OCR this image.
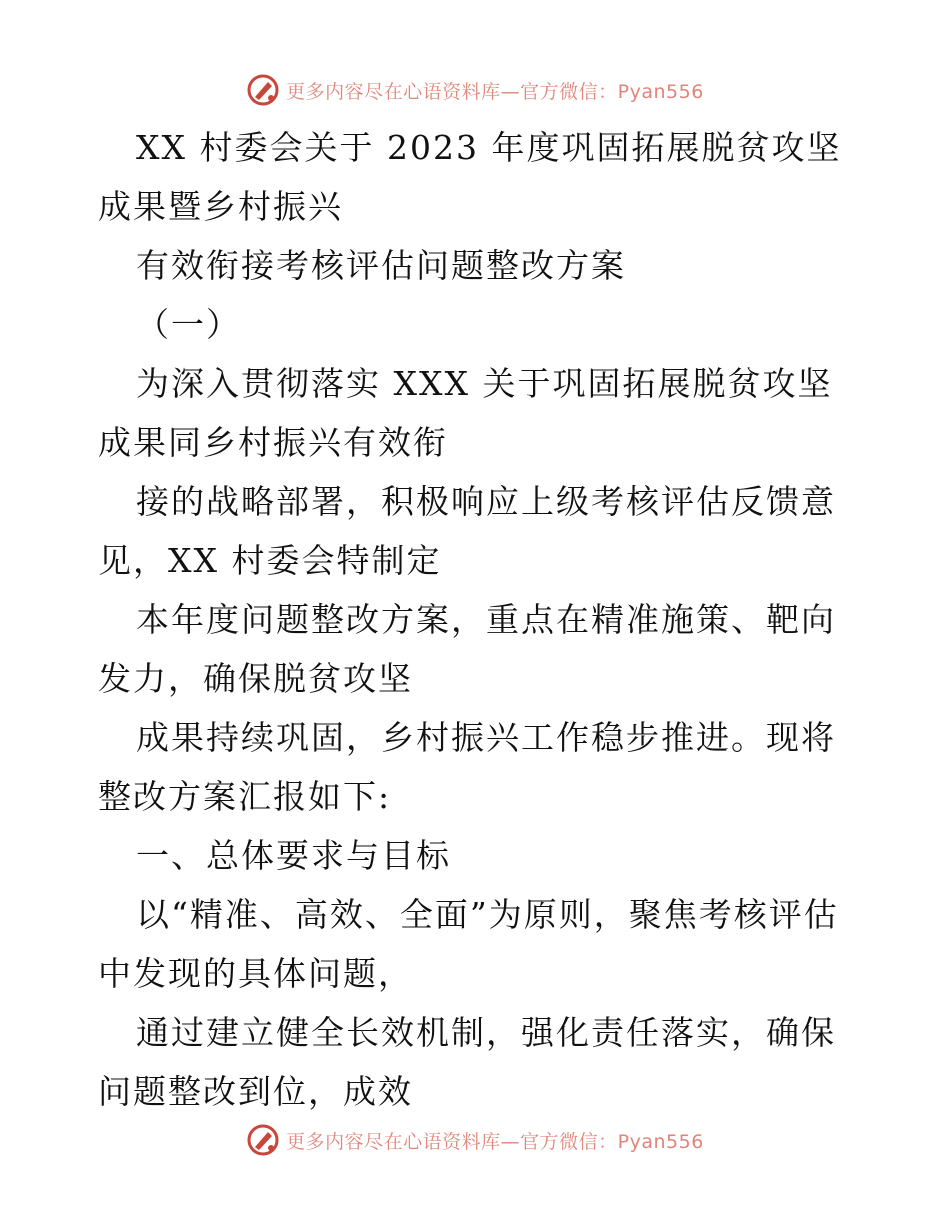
更多内容尽在心语资料库—官方微信：Pyan556

XX 村委会关于 2023 年度巩固拓展脱贫攻坚成果暨乡村振兴

有效衔接考核评估问题整改方案

（一）

为深入贯彻落实 XXX 关于巩固拓展脱贫攻坚成果同乡村振兴有效衔

接的战略部署，积极响应上级考核评估反馈意见，XX 村委会特制定

本年度问题整改方案，重点在精准施策、靶向发力，确保脱贫攻坚

成果持续巩固，乡村振兴工作稳步推进。现将整改方案汇报如下:

一、总体要求与目标

以“精准、高效、全面”为原则，聚焦考核评估中发现的具体问题，

通过建立健全长效机制，强化责任落实，确保问题整改到位，成效

更多内容尽在心语资料库—官方微信：Pyan556
